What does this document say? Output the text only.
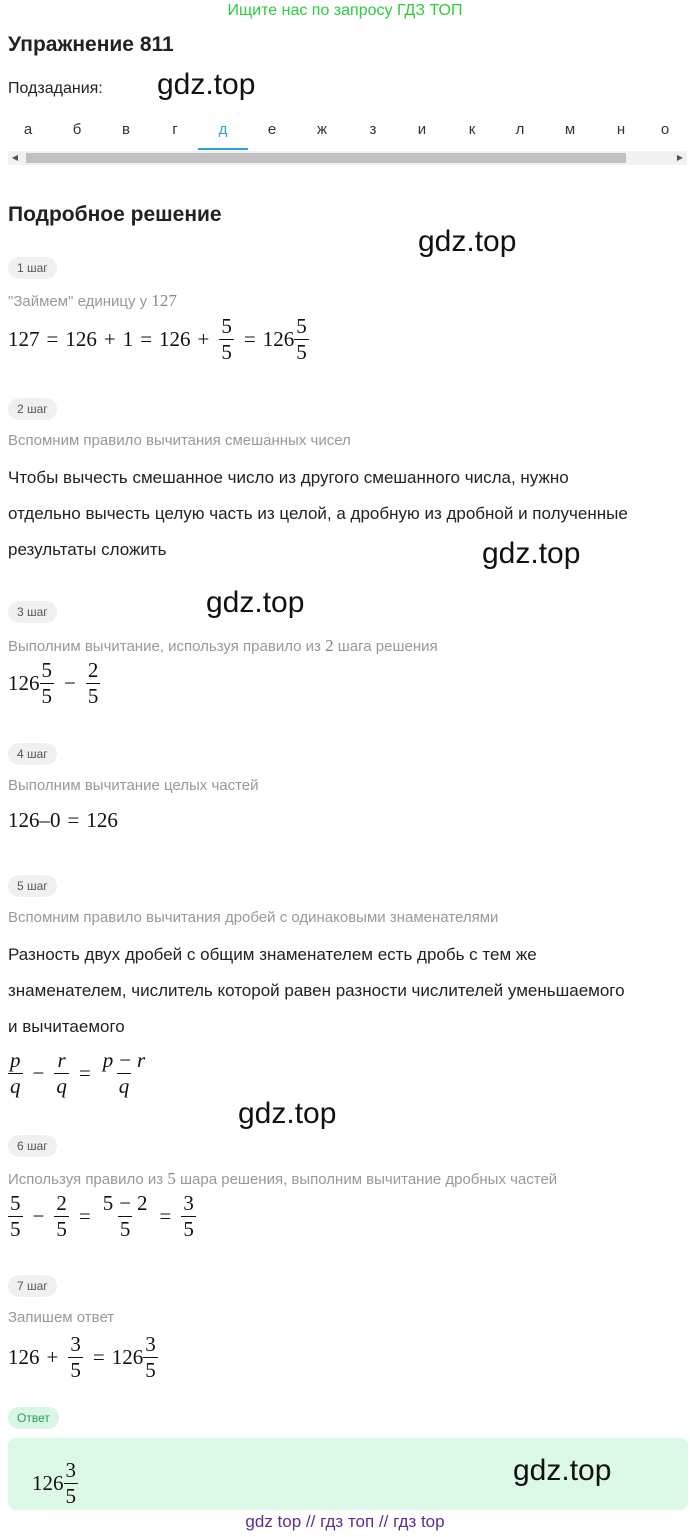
Ищите нас по запросу ГДЗ ТОП
Упражнение 811
Подзадания: gdz.top
а	б	в	г	д	е	ж	з	и	к	л	м	н	о
◀	▶
Подробное решение
gdz.top
1 шаг
"Займем" единицу у 127
$127 = 126 + 1 = 126 + \frac{5}{5} = 126 \frac{5}{5}$
2 шаг
Вспомним правило вычитания смешанных чисел
Чтобы вычесть смешанное число из другого смешанного числа, нужно
отдельно вычесть целую часть из целой, а дробную из дробной и полученные
результаты сложить	gdz.top
gdz.top
3 шаг
Выполним вычитание, используя правило из 2 шага решения
$126 \frac{5}{5} - \frac{2}{5}$
4 шаг
Выполним вычитание целых частей
126–0 = 126
5 шаг
Вспомним правило вычитания дробей с одинаковыми знаменателями
Разность двух дробей с общим знаменателем есть дробь с тем же
знаменателем, числитель которой равен разности числителей уменьшаемого
и вычитаемого
$\frac{p}{q} - \frac{r}{q} = \frac{p - r}{q}$
gdz.top
6 шаг
Используя правило из 5 шара решения, выполним вычитание дробных частей
$\frac{5}{5} - \frac{2}{5} = \frac{5 - 2}{5} = \frac{3}{5}$
7 шаг
Запишем ответ
$126 + \frac{3}{5} = 126 \frac{3}{5}$
Ответ
$126 \frac{3}{5}$	gdz.top
gdz top // гдз топ // гдз top
